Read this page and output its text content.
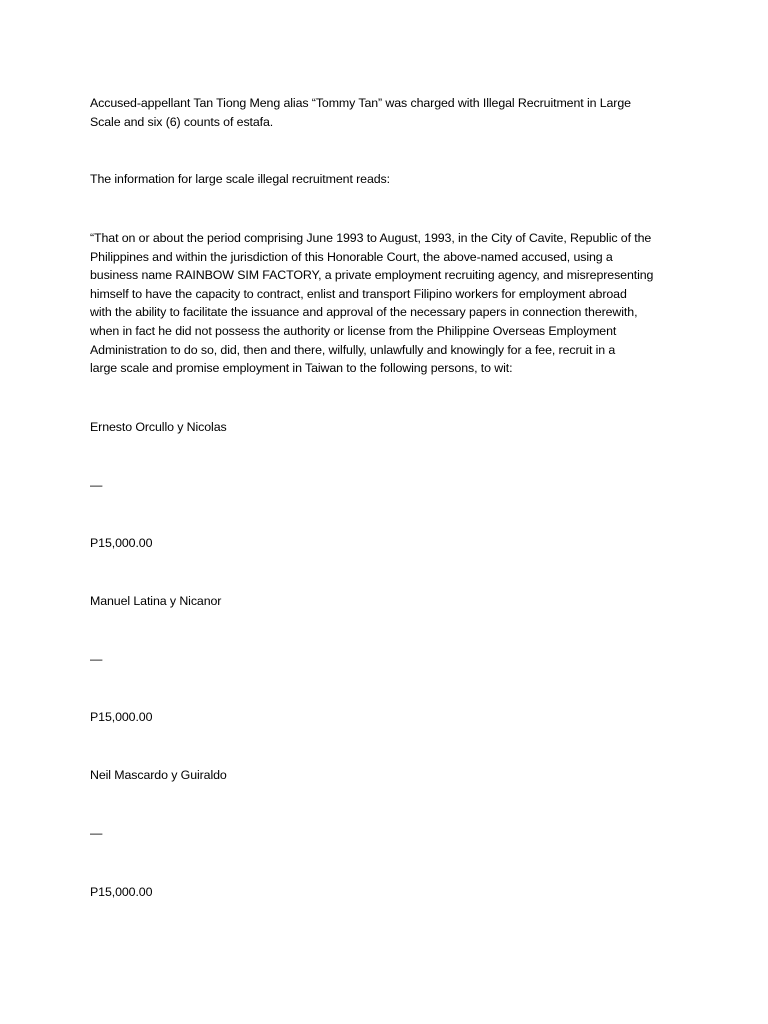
Accused-appellant Tan Tiong Meng alias “Tommy Tan” was charged with Illegal Recruitment in Large
Scale and six (6) counts of estafa.
The information for large scale illegal recruitment reads:
“That on or about the period comprising June 1993 to August, 1993, in the City of Cavite, Republic of the
Philippines and within the jurisdiction of this Honorable Court, the above-named accused, using a
business name RAINBOW SIM FACTORY, a private employment recruiting agency, and misrepresenting
himself to have the capacity to contract, enlist and transport Filipino workers for employment abroad
with the ability to facilitate the issuance and approval of the necessary papers in connection therewith,
when in fact he did not possess the authority or license from the Philippine Overseas Employment
Administration to do so, did, then and there, wilfully, unlawfully and knowingly for a fee, recruit in a
large scale and promise employment in Taiwan to the following persons, to wit:
Ernesto Orcullo y Nicolas
—
P15,000.00
Manuel Latina y Nicanor
—
P15,000.00
Neil Mascardo y Guiraldo
—
P15,000.00
